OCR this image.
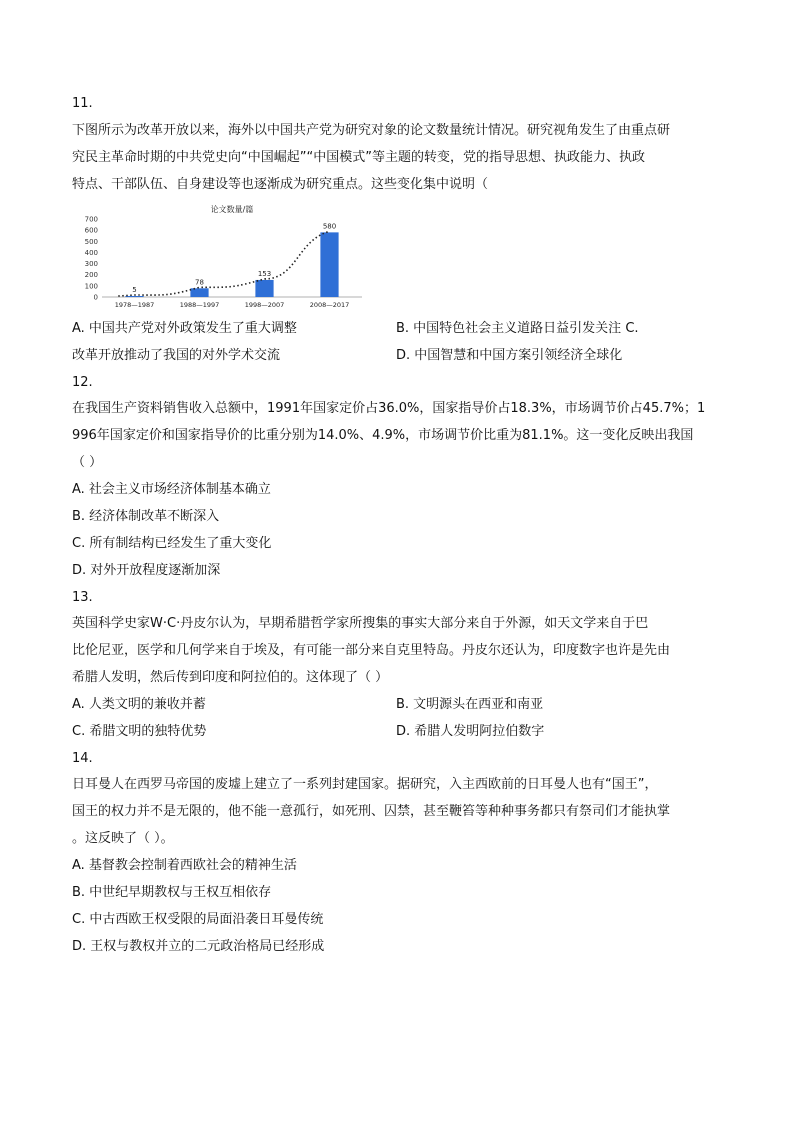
11.
下图所示为改革开放以来，海外以中国共产党为研究对象的论文数量统计情况。研究视角发生了由重点研
究民主革命时期的中共党史向“中国崛起”“中国模式”等主题的转变，党的指导思想、执政能力、执政
特点、干部队伍、自身建设等也逐渐成为研究重点。这些变化集中说明（
论文数量/篇
0
100
200
300
400
500
600
700
5
78
153
580
1978—1987	1988—1997	1998—2007	2008—2017
A. 中国共产党对外政策发生了重大调整	B. 中国特色社会主义道路日益引发关注 C.
改革开放推动了我国的对外学术交流	D. 中国智慧和中国方案引领经济全球化
12.
在我国生产资料销售收入总额中，1991年国家定价占36.0%，国家指导价占18.3%，市场调节价占45.7%；1
996年国家定价和国家指导价的比重分别为14.0%、4.9%，市场调节价比重为81.1%。这一变化反映出我国
（ ）
A. 社会主义市场经济体制基本确立
B. 经济体制改革不断深入
C. 所有制结构已经发生了重大变化
D. 对外开放程度逐渐加深
13.
英国科学史家W·C·丹皮尔认为，早期希腊哲学家所搜集的事实大部分来自于外源，如天文学来自于巴
比伦尼亚，医学和几何学来自于埃及，有可能一部分来自克里特岛。丹皮尔还认为，印度数字也许是先由
希腊人发明，然后传到印度和阿拉伯的。这体现了（ ）
A. 人类文明的兼收并蓄	B. 文明源头在西亚和南亚
C. 希腊文明的独特优势	D. 希腊人发明阿拉伯数字
14.
日耳曼人在西罗马帝国的废墟上建立了一系列封建国家。据研究，入主西欧前的日耳曼人也有“国王”，
国王的权力并不是无限的，他不能一意孤行，如死刑、囚禁，甚至鞭笞等种种事务都只有祭司们才能执掌
。这反映了（ ）。
A. 基督教会控制着西欧社会的精神生活
B. 中世纪早期教权与王权互相依存
C. 中古西欧王权受限的局面沿袭日耳曼传统
D. 王权与教权并立的二元政治格局已经形成
